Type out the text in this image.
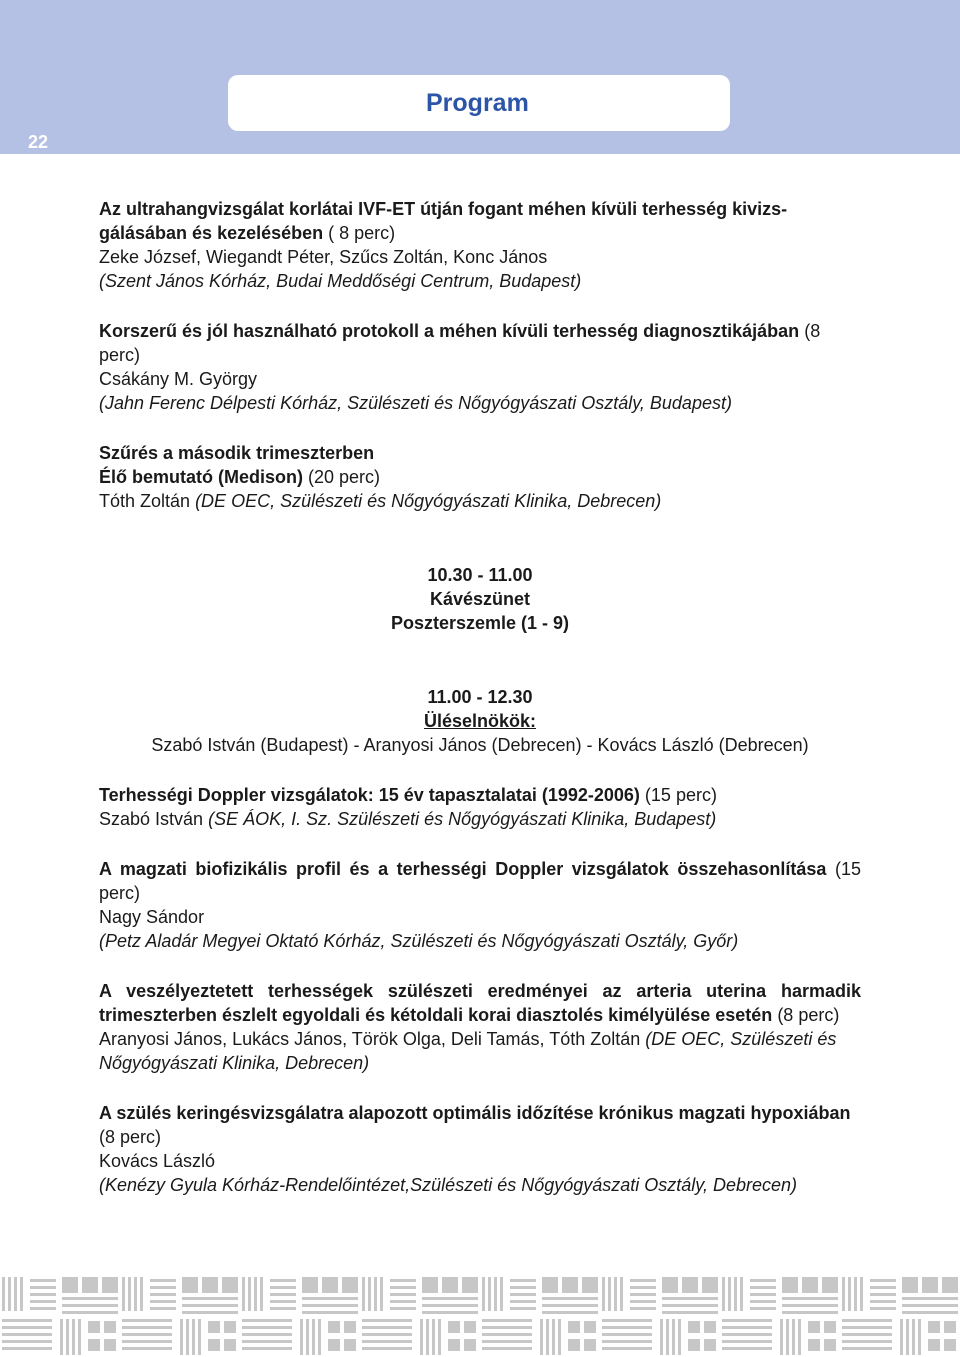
22
Program

Az ultrahangvizsgálat korlátai IVF-ET útján fogant méhen kívüli terhesség kivizs-gálásában és kezelésében ( 8 perc)

Zeke József, Wiegandt Péter, Szűcs Zoltán, Konc János

(Szent János Kórház, Budai Meddőségi Centrum, Budapest)

Korszerű és jól használható protokoll a méhen kívüli terhesség diagnosztikájában (8 perc)

Csákány M. György

(Jahn Ferenc Délpesti Kórház, Szülészeti és Nőgyógyászati Osztály, Budapest)

Szűrés a második trimeszterben

Élő bemutató (Medison) (20 perc)

Tóth Zoltán (DE OEC, Szülészeti és Nőgyógyászati Klinika, Debrecen)

10.30 - 11.00

Kávészünet

Poszterszemle (1 - 9)

11.00 - 12.30

Üléselnökök:

Szabó István (Budapest) - Aranyosi János (Debrecen) - Kovács László (Debrecen)

Terhességi Doppler vizsgálatok: 15 év tapasztalatai (1992-2006) (15 perc)

Szabó István (SE ÁOK, I. Sz. Szülészeti és Nőgyógyászati Klinika, Budapest)

A magzati biofizikális profil és a terhességi Doppler vizsgálatok összehasonlítása (15 perc)

Nagy Sándor

(Petz Aladár Megyei Oktató Kórház, Szülészeti és Nőgyógyászati Osztály, Győr)

A veszélyeztetett terhességek szülészeti eredményei az arteria uterina harmadik trimeszterben észlelt egyoldali és kétoldali korai diasztolés kimélyülése esetén (8 perc)

Aranyosi János, Lukács János, Török Olga, Deli Tamás, Tóth Zoltán (DE OEC, Szülészeti és Nőgyógyászati Klinika, Debrecen)

A szülés keringésvizsgálatra alapozott optimális időzítése krónikus magzati hypoxiában (8 perc)

Kovács László

(Kenézy Gyula Kórház-Rendelőintézet,Szülészeti és Nőgyógyászati Osztály, Debrecen)
